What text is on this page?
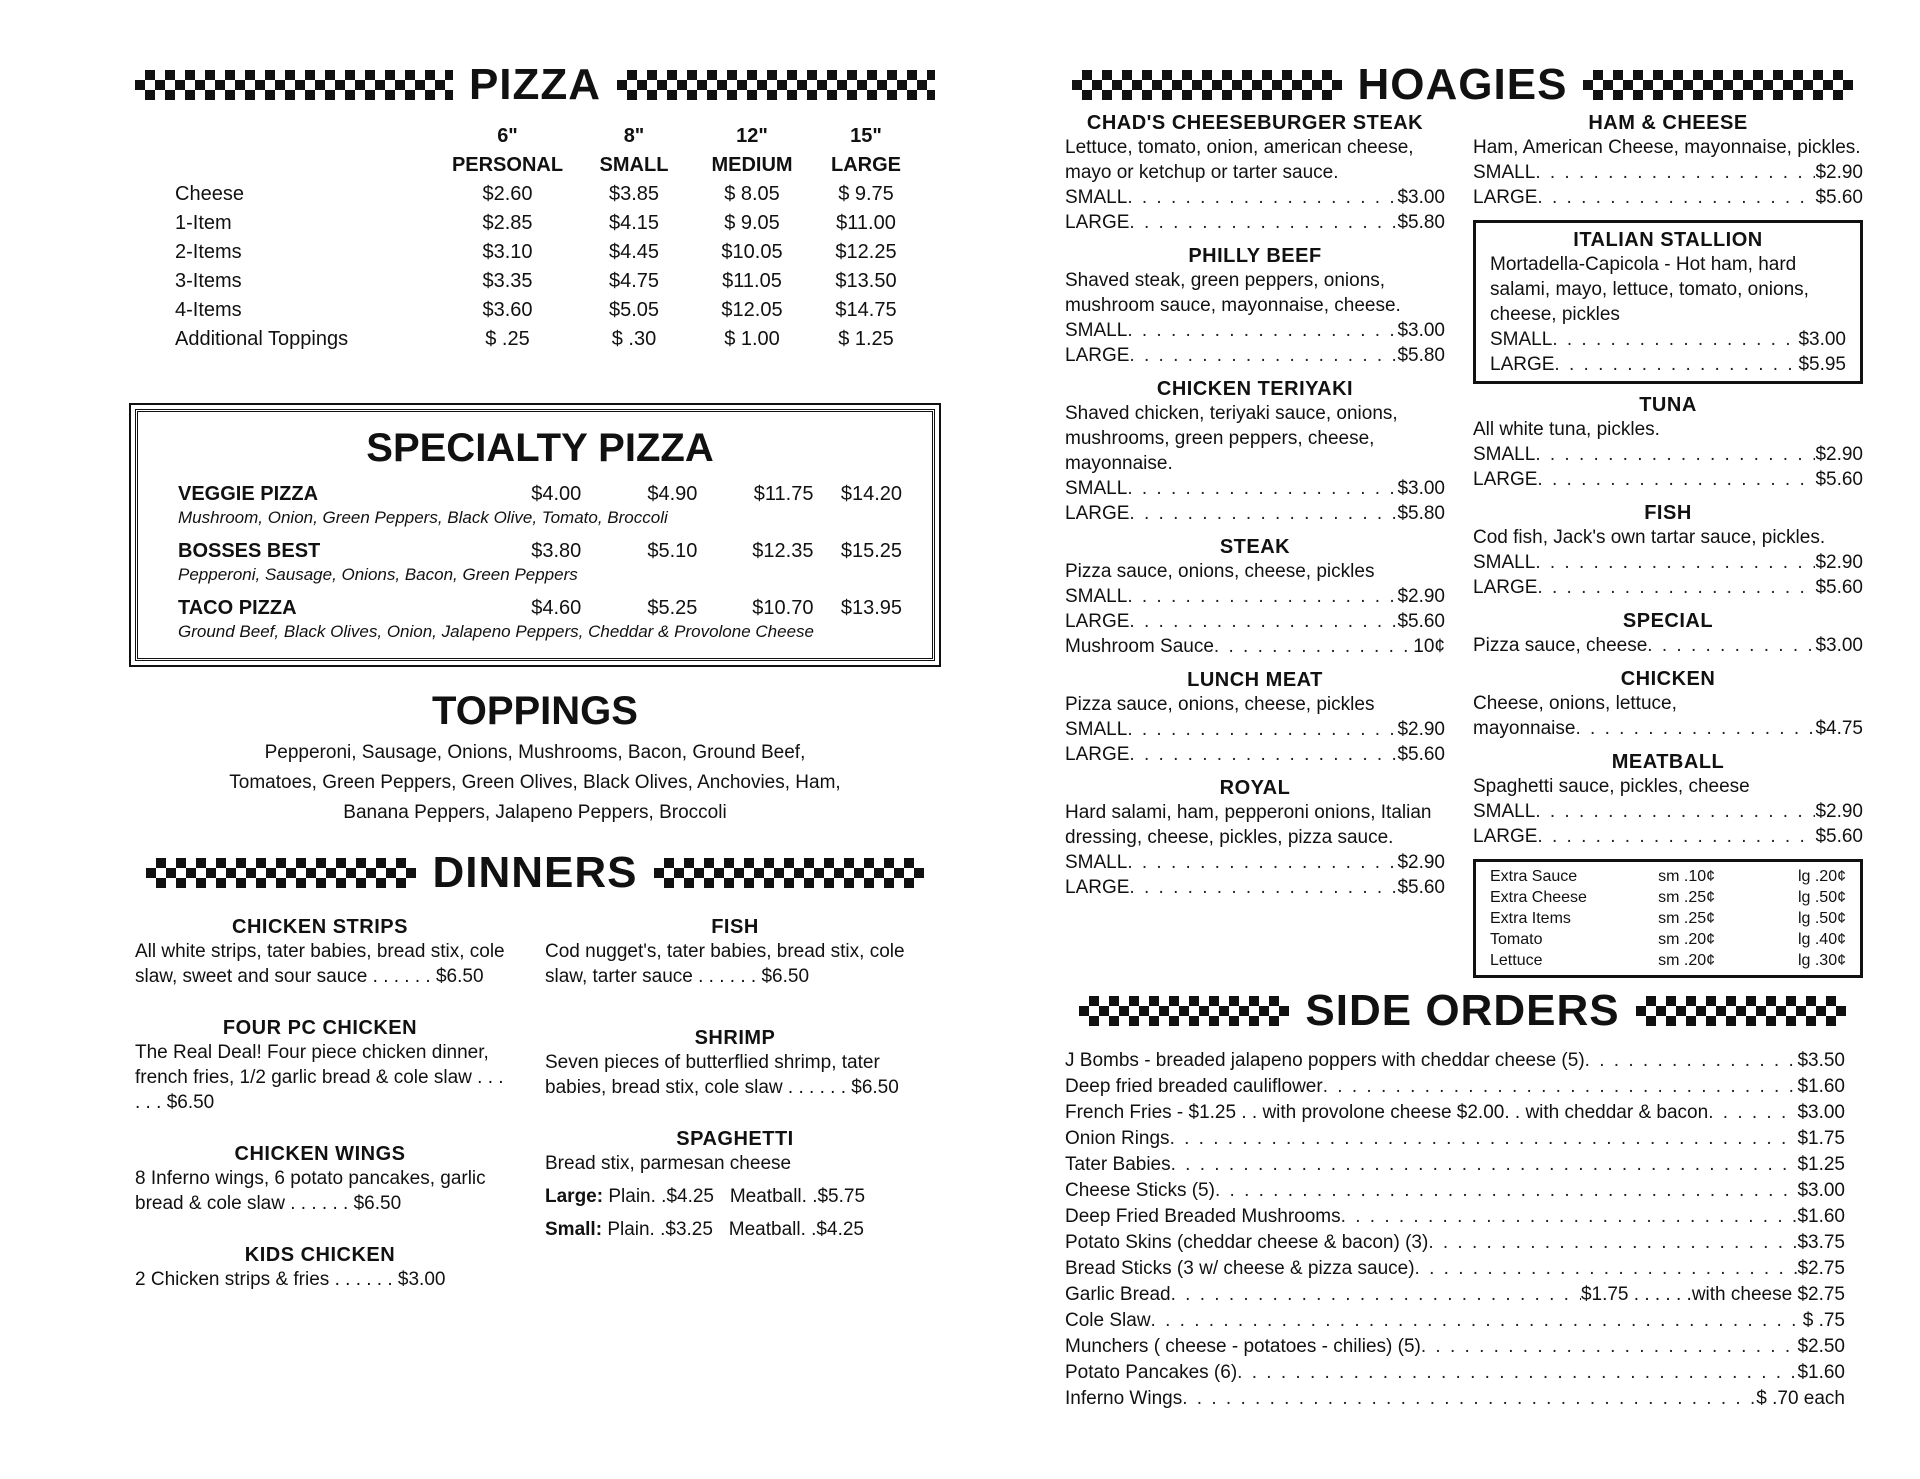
PIZZA
	6"	8"	12"	15"
	PERSONAL	SMALL	MEDIUM	LARGE
Cheese	$2.60	$3.85	$ 8.05	$ 9.75
1-Item	$2.85	$4.15	$ 9.05	$11.00
2-Items	$3.10	$4.45	$10.05	$12.25
3-Items	$3.35	$4.75	$11.05	$13.50
4-Items	$3.60	$5.05	$12.05	$14.75
Additional Toppings	$ .25	$ .30	$ 1.00	$ 1.25
SPECIALTY PIZZA
VEGGIE PIZZA	$4.00	$4.90	$11.75	$14.20
Mushroom, Onion, Green Peppers, Black Olive, Tomato, Broccoli
BOSSES BEST	$3.80	$5.10	$12.35	$15.25
Pepperoni, Sausage, Onions, Bacon, Green Peppers
TACO PIZZA	$4.60	$5.25	$10.70	$13.95
Ground Beef, Black Olives, Onion, Jalapeno Peppers, Cheddar & Provolone Cheese
TOPPINGS
Pepperoni, Sausage, Onions, Mushrooms, Bacon, Ground Beef,
Tomatoes, Green Peppers, Green Olives, Black Olives, Anchovies, Ham,
Banana Peppers, Jalapeno Peppers, Broccoli
DINNERS
CHICKEN STRIPS
All white strips, tater babies, bread stix, cole slaw, sweet and sour sauce . . . . . . $6.50
FOUR PC CHICKEN
The Real Deal! Four piece chicken dinner, french fries, 1/2 garlic bread & cole slaw . . . . . . $6.50
CHICKEN WINGS
8 Inferno wings, 6 potato pancakes, garlic bread & cole slaw . . . . . . $6.50
KIDS CHICKEN
2 Chicken strips & fries . . . . . . $3.00
FISH
Cod nugget's, tater babies, bread stix, cole slaw, tarter sauce . . . . . . $6.50
SHRIMP
Seven pieces of butterflied shrimp, tater babies, bread stix, cole slaw . . . . . . $6.50
SPAGHETTI
Bread stix, parmesan cheese
Large: Plain. .$4.25   Meatball. .$5.75
Small: Plain. .$3.25   Meatball. .$4.25
HOAGIES
CHAD'S CHEESEBURGER STEAK
Lettuce, tomato, onion, american cheese, mayo or ketchup or tarter sauce.
SMALL . . .	$3.00
LARGE . . .	$5.80
PHILLY BEEF
Shaved steak, green peppers, onions, mushroom sauce, mayonnaise, cheese.
SMALL . . .	$3.00
LARGE . . .	$5.80
CHICKEN TERIYAKI
Shaved chicken, teriyaki sauce, onions, mushrooms, green peppers, cheese, mayonnaise.
SMALL . . .	$3.00
LARGE . . .	$5.80
STEAK
Pizza sauce, onions, cheese, pickles
SMALL . . .	$2.90
LARGE . . .	$5.60
Mushroom Sauce . . .	10¢
LUNCH MEAT
Pizza sauce, onions, cheese, pickles
SMALL . . .	$2.90
LARGE . . .	$5.60
ROYAL
Hard salami, ham, pepperoni onions, Italian dressing, cheese, pickles, pizza sauce.
SMALL . . .	$2.90
LARGE . . .	$5.60
HAM & CHEESE
Ham, American Cheese, mayonnaise, pickles.
SMALL . . .	$2.90
LARGE . . .	$5.60
ITALIAN STALLION
Mortadella-Capicola - Hot ham, hard salami, mayo, lettuce, tomato, onions, cheese, pickles
SMALL . . .	$3.00
LARGE . . .	$5.95
TUNA
All white tuna, pickles.
SMALL . . .	$2.90
LARGE . . .	$5.60
FISH
Cod fish, Jack's own tartar sauce, pickles.
SMALL . . .	$2.90
LARGE . . .	$5.60
SPECIAL
Pizza sauce, cheese . . .	$3.00
CHICKEN
Cheese, onions, lettuce,
mayonnaise . . .	$4.75
MEATBALL
Spaghetti sauce, pickles, cheese
SMALL . . .	$2.90
LARGE . . .	$5.60
Extra Sauce	sm .10¢	lg .20¢
Extra Cheese	sm .25¢	lg .50¢
Extra Items	sm .25¢	lg .50¢
Tomato	sm .20¢	lg .40¢
Lettuce	sm .20¢	lg .30¢
SIDE ORDERS
J Bombs - breaded jalapeno poppers with cheddar cheese (5) . . .	$3.50
Deep fried breaded cauliflower . . .	$1.60
French Fries - $1.25 . . with provolone cheese $2.00. . with cheddar & bacon . . .	$3.00
Onion Rings . . .	$1.75
Tater Babies . . .	$1.25
Cheese Sticks (5) . . .	$3.00
Deep Fried Breaded Mushrooms . . .	$1.60
Potato Skins (cheddar cheese & bacon) (3) . . .	$3.75
Bread Sticks (3 w/ cheese & pizza sauce) . . .	$2.75
Garlic Bread . . .	$1.75 . . . . . .with cheese $2.75
Cole Slaw . . .	$ .75
Munchers ( cheese - potatoes - chilies) (5) . . .	$2.50
Potato Pancakes (6) . . .	$1.60
Inferno Wings . . .	$ .70 each
